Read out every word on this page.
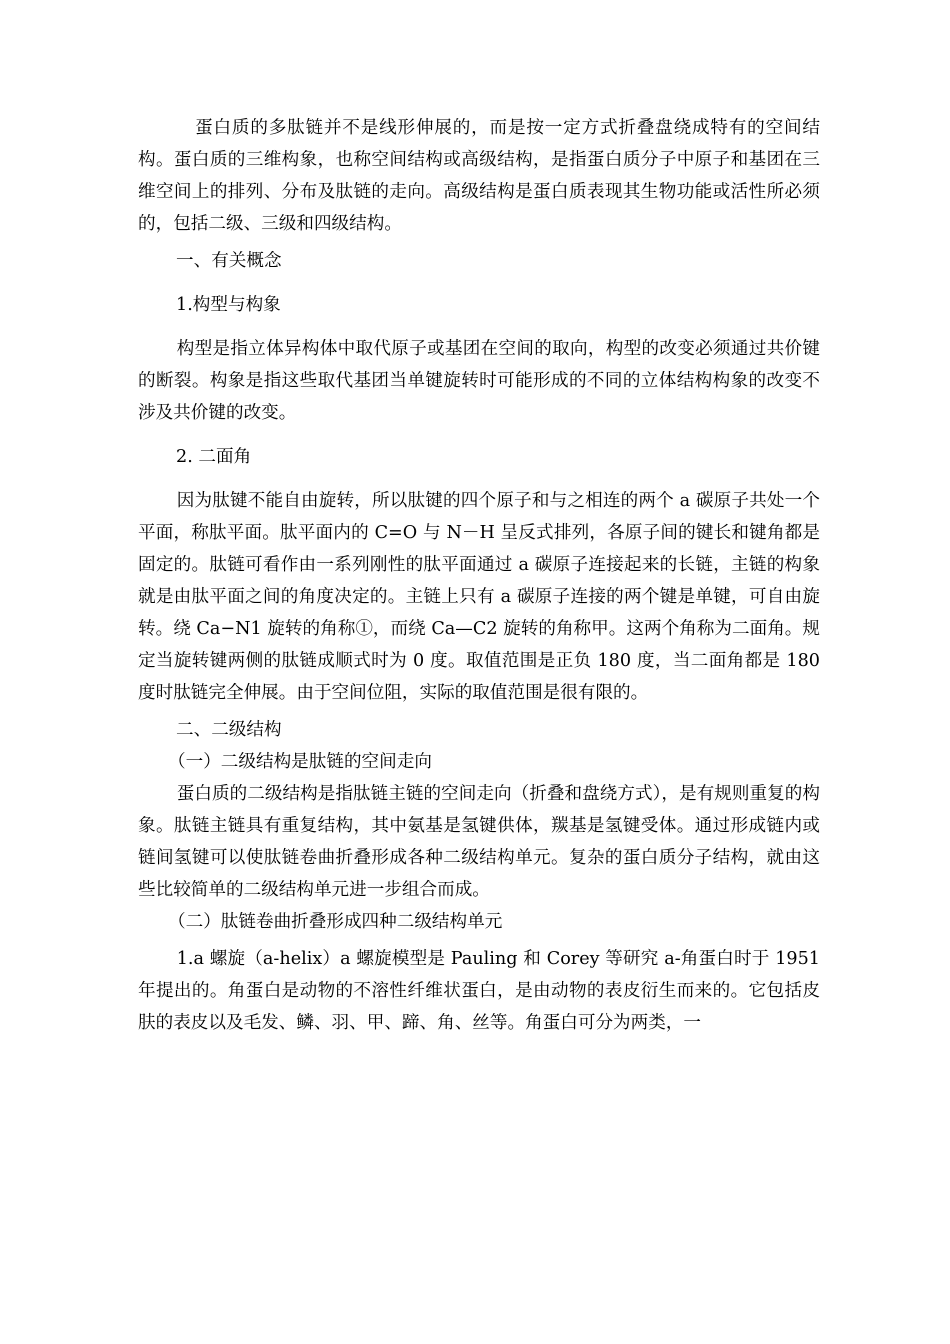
　蛋白质的多肽链并不是线形伸展的，而是按一定方式折叠盘绕成特有的空间结构。蛋白质的三维构象，也称空间结构或高级结构，是指蛋白质分子中原子和基团在三维空间上的排列、分布及肽链的走向。高级结构是蛋白质表现其生物功能或活性所必须的，包括二级、三级和四级结构。

一、有关概念

1.构型与构象

构型是指立体异构体中取代原子或基团在空间的取向，构型的改变必须通过共价键的断裂。构象是指这些取代基团当单键旋转时可能形成的不同的立体结构构象的改变不涉及共价键的改变。

2. 二面角

因为肽键不能自由旋转，所以肽键的四个原子和与之相连的两个 a 碳原子共处一个平面，称肽平面。肽平面内的 C=O 与 N－H 呈反式排列，各原子间的键长和键角都是固定的。肽链可看作由一系列刚性的肽平面通过 a 碳原子连接起来的长链，主链的构象就是由肽平面之间的角度决定的。主链上只有 a 碳原子连接的两个键是单键，可自由旋转。绕 Ca−N1 旋转的角称①，而绕 Ca—C2 旋转的角称甲。这两个角称为二面角。规定当旋转键两侧的肽链成顺式时为 0 度。取值范围是正负 180 度，当二面角都是 180 度时肽链完全伸展。由于空间位阻，实际的取值范围是很有限的。

二、二级结构

（一）二级结构是肽链的空间走向

蛋白质的二级结构是指肽链主链的空间走向（折叠和盘绕方式），是有规则重复的构象。肽链主链具有重复结构，其中氨基是氢键供体，羰基是氢键受体。通过形成链内或链间氢键可以使肽链卷曲折叠形成各种二级结构单元。复杂的蛋白质分子结构，就由这些比较简单的二级结构单元进一步组合而成。

（二）肽链卷曲折叠形成四种二级结构单元

1.a 螺旋（a-helix）a 螺旋模型是 Pauling 和 Corey 等研究 a-角蛋白时于 1951 年提出的。角蛋白是动物的不溶性纤维状蛋白，是由动物的表皮衍生而来的。它包括皮肤的表皮以及毛发、鳞、羽、甲、蹄、角、丝等。角蛋白可分为两类，一
